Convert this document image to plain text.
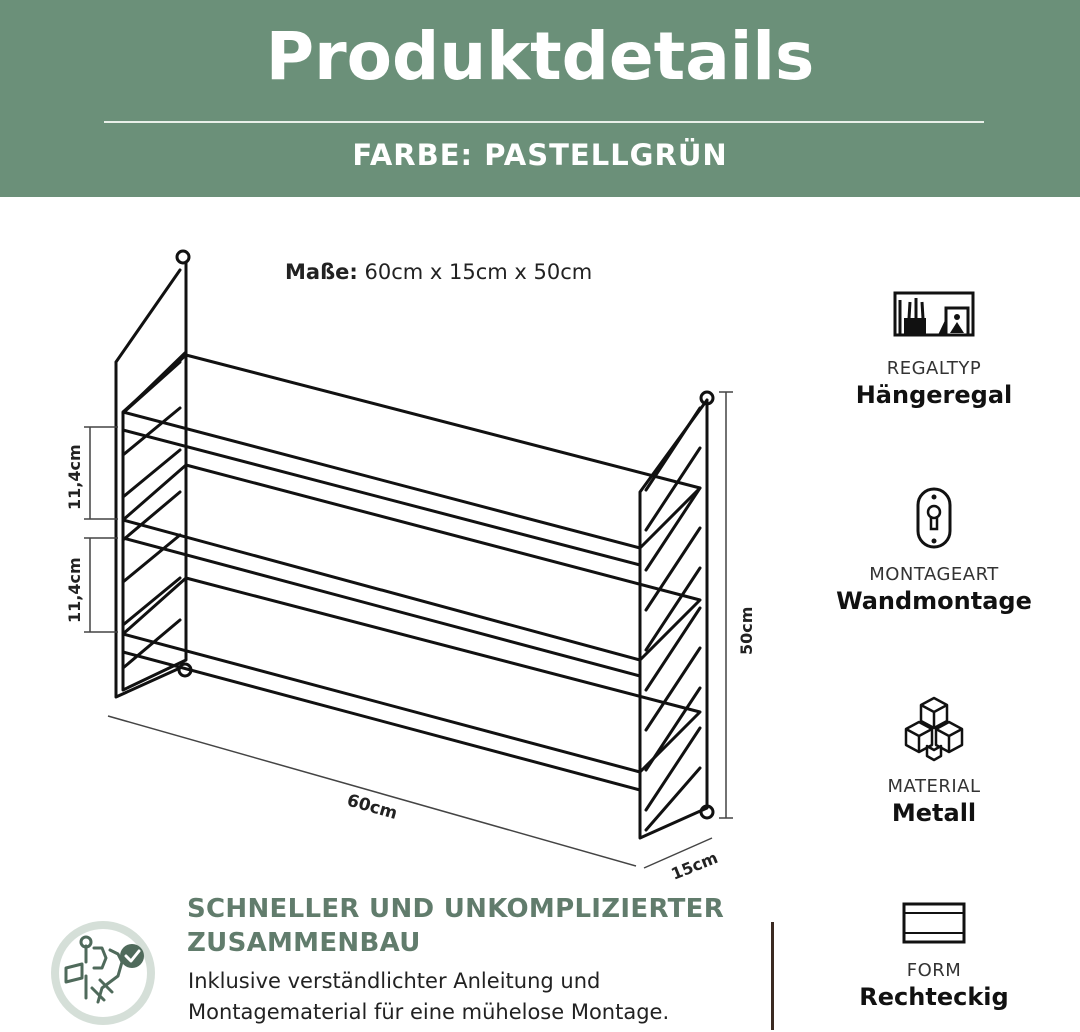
Produktdetails
FARBE: PASTELLGRÜN
Maße: 60cm x 15cm x 50cm
11,4cm
11,4cm
50cm
60cm
15cm
REGALTYP
Hängeregal
MONTAGEART
Wandmontage
MATERIAL
Metall
FORM
Rechteckig
SCHNELLER UND UNKOMPLIZIERTER
ZUSAMMENBAU
Inklusive verständlichter Anleitung und
Montagematerial für eine mühelose Montage.
